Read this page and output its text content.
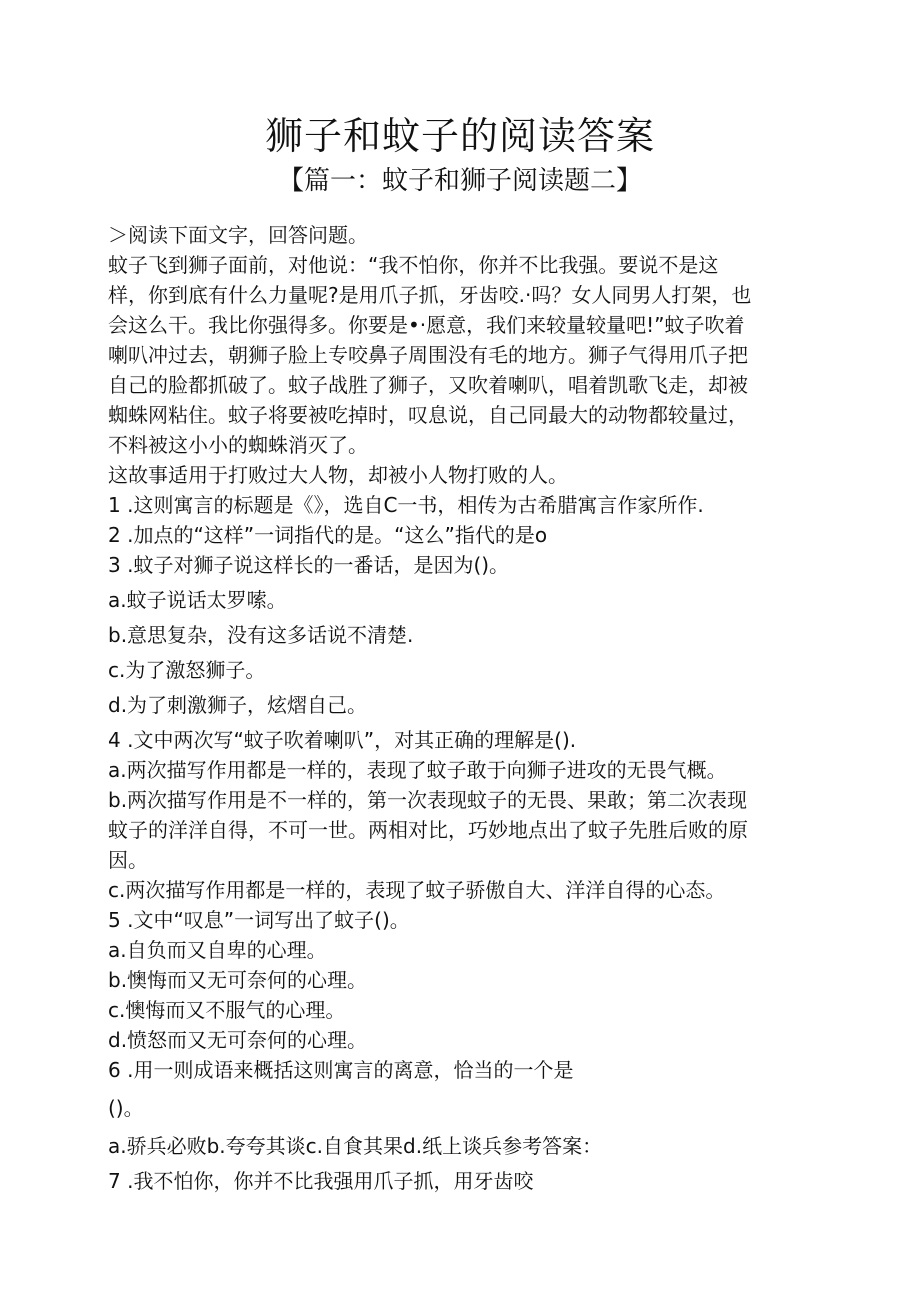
狮子和蚊子的阅读答案
【篇一：蚊子和狮子阅读题二】
＞阅读下面文字，回答问题。
蚊子飞到狮子面前，对他说：“我不怕你，你并不比我强。要说不是这
样，你到底有什么力量呢?是用爪子抓，牙齿咬.·吗？女人同男人打架，也
会这么干。我比你强得多。你要是•·愿意，我们来较量较量吧!”蚊子吹着
喇叭冲过去，朝狮子脸上专咬鼻子周围没有毛的地方。狮子气得用爪子把
自己的脸都抓破了。蚊子战胜了狮子，又吹着喇叭，唱着凯歌飞走，却被
蜘蛛网粘住。蚊子将要被吃掉时，叹息说，自己同最大的动物都较量过，
不料被这小小的蜘蛛消灭了。
这故事适用于打败过大人物，却被小人物打败的人。
1 .这则寓言的标题是《》，选自C一书，相传为古希腊寓言作家所作.
2 .加点的“这样”一词指代的是。“这么”指代的是o
3 .蚊子对狮子说这样长的一番话，是因为()。
a.蚊子说话太罗嗦。
b.意思复杂，没有这多话说不清楚.
c.为了激怒狮子。
d.为了刺激狮子，炫熠自己。
4 .文中两次写“蚊子吹着喇叭”，对其正确的理解是().
a.两次描写作用都是一样的，表现了蚊子敢于向狮子进攻的无畏气概。
b.两次描写作用是不一样的，第一次表现蚊子的无畏、果敢；第二次表现
蚊子的洋洋自得，不可一世。两相对比，巧妙地点出了蚊子先胜后败的原
因。
c.两次描写作用都是一样的，表现了蚊子骄傲自大、洋洋自得的心态。
5 .文中“叹息”一词写出了蚊子()。
a.自负而又自卑的心理。
b.懊悔而又无可奈何的心理。
c.懊悔而又不服气的心理。
d.愤怒而又无可奈何的心理。
6 .用一则成语来概括这则寓言的离意，恰当的一个是
()。
a.骄兵必败b.夸夸其谈c.自食其果d.纸上谈兵参考答案：
7 .我不怕你，你并不比我强用爪子抓，用牙齿咬
